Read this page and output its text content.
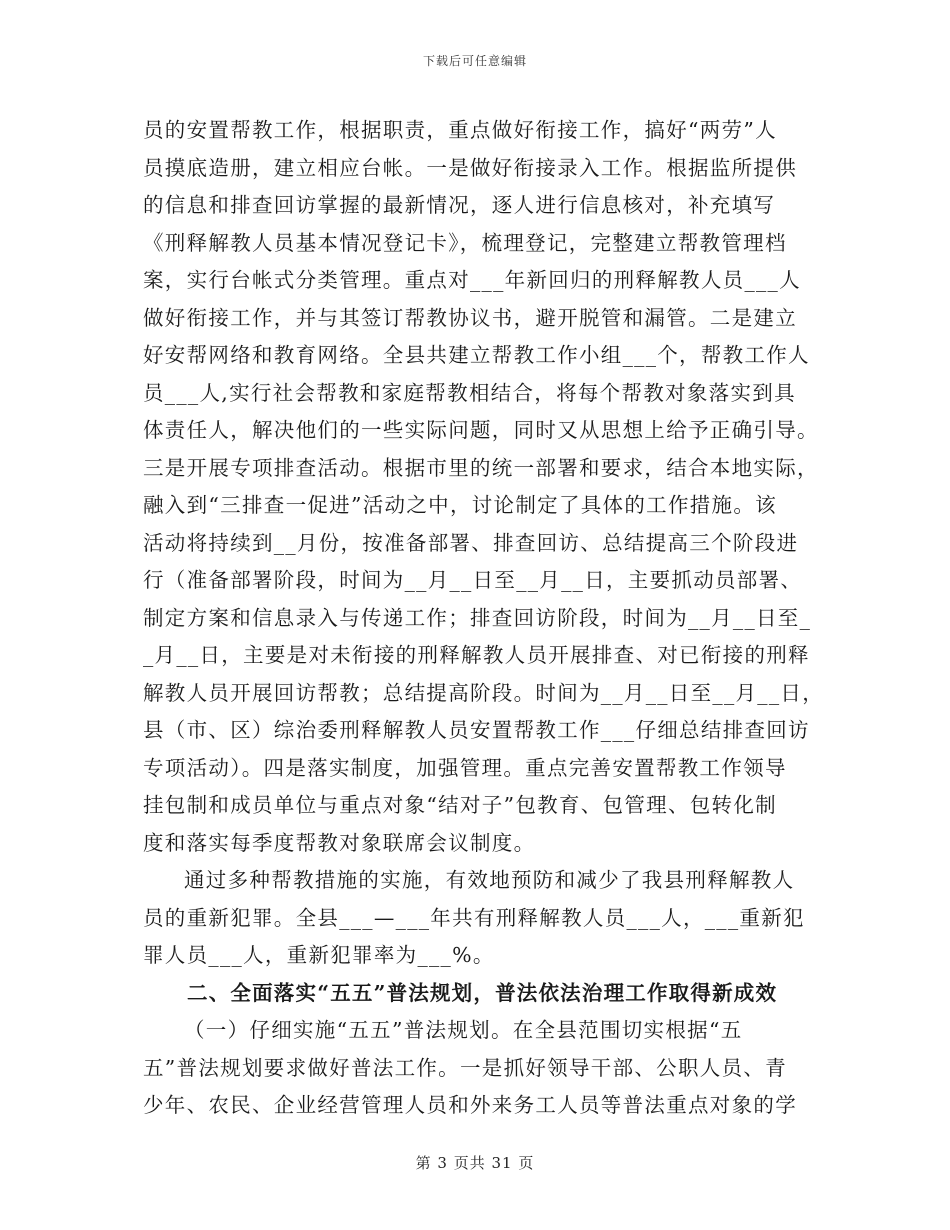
下载后可任意编辑
员的安置帮教工作，根据职责，重点做好衔接工作，搞好“两劳”人
员摸底造册，建立相应台帐。一是做好衔接录入工作。根据监所提供
的信息和排查回访掌握的最新情况，逐人进行信息核对，补充填写
《刑释解教人员基本情况登记卡》，梳理登记，完整建立帮教管理档
案，实行台帐式分类管理。重点对___年新回归的刑释解教人员___人
做好衔接工作，并与其签订帮教协议书，避开脱管和漏管。二是建立
好安帮网络和教育网络。全县共建立帮教工作小组___个，帮教工作人
员___人,实行社会帮教和家庭帮教相结合，将每个帮教对象落实到具
体责任人，解决他们的一些实际问题，同时又从思想上给予正确引导。
三是开展专项排查活动。根据市里的统一部署和要求，结合本地实际，
融入到“三排查一促进”活动之中，讨论制定了具体的工作措施。该
活动将持续到__月份，按准备部署、排查回访、总结提高三个阶段进
行（准备部署阶段，时间为__月__日至__月__日，主要抓动员部署、
制定方案和信息录入与传递工作；排查回访阶段，时间为__月__日至_
_月__日，主要是对未衔接的刑释解教人员开展排查、对已衔接的刑释
解教人员开展回访帮教；总结提高阶段。时间为__月__日至__月__日，
县（市、区）综治委刑释解教人员安置帮教工作___仔细总结排查回访
专项活动）。四是落实制度，加强管理。重点完善安置帮教工作领导
挂包制和成员单位与重点对象“结对子”包教育、包管理、包转化制
度和落实每季度帮教对象联席会议制度。
通过多种帮教措施的实施，有效地预防和减少了我县刑释解教人
员的重新犯罪。全县___—___年共有刑释解教人员___人，___重新犯
罪人员___人，重新犯罪率为___%。
二、全面落实“五五”普法规划，普法依法治理工作取得新成效
（一）仔细实施“五五”普法规划。在全县范围切实根据“五
五”普法规划要求做好普法工作。一是抓好领导干部、公职人员、青
少年、农民、企业经营管理人员和外来务工人员等普法重点对象的学
第 3 页共 31 页
